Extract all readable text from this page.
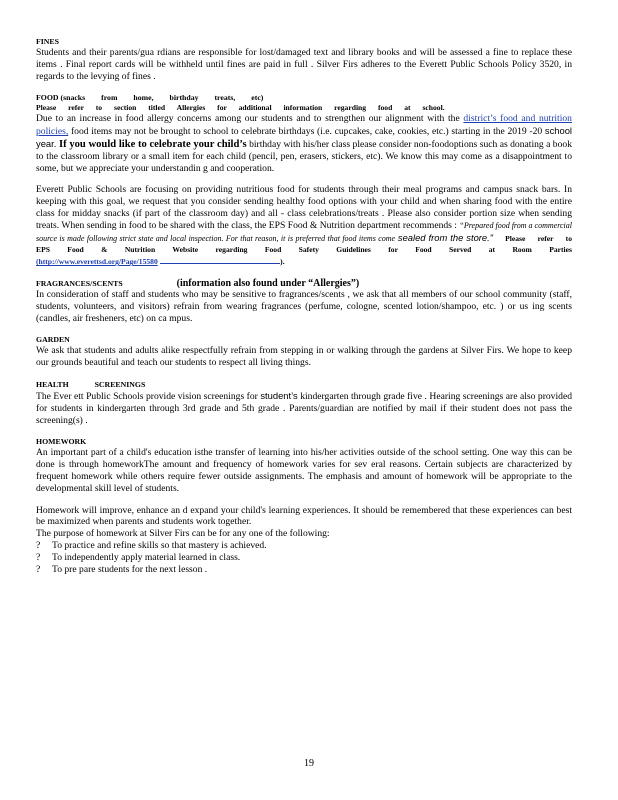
FINES

Students and their parents/gua rdians are responsible for lost/damaged text and library books and will be assessed a fine to replace these items . Final report cards will be withheld until fines are paid in full . Silver Firs adheres to the Everett Public Schools Policy 3520, in regards to the levying of fines .

FOOD (snacks from home, birthday treats, etc)
Please refer to section titled Allergies for additional information regarding food at school.

Due to an increase in food allergy concerns among our students and to strengthen our alignment with the district’s food and nutrition policies, food items may not be brought to school to celebrate birthdays (i.e. cupcakes, cake, cookies, etc.) starting in the 2019 -20 school year. If you would like to celebrate your child’s birthday with his/her class please consider non-foodoptions such as donating a book to the classroom library or a small item for each child (pencil, pen, erasers, stickers, etc). We know this may come as a disappointment to some, but we appreciate your understandin g and cooperation.

Everett Public Schools are focusing on providing nutritious food for students through their meal programs and campus snack bars. In keeping with this goal, we request that you consider sending healthy food options with your child and when sharing food with the entire class for midday snacks (if part of the classroom day) and all - class celebrations/treats . Please also consider portion size when sending treats. When sending in food to be shared with the class, the EPS Food & Nutrition department recommends : “Prepared food from a commercial source is made following strict state and local inspection. For that reason, it is preferred that food items come sealed from the store.” Please refer to EPS Food & Nutrition Website regarding Food Safety Guidelines for Food Served at Room Parties (http://www.everettsd.org/Page/15580	).

FRAGRANCES/SCENTS	(information also found under “Allergies”)

In consideration of staff and students who may be sensitive to fragrances/scents , we ask that all members of our school community (staff, students, volunteers, and visitors) refrain from wearing fragrances (perfume, cologne, scented lotion/shampoo, etc. ) or us ing scents (candles, air fresheners, etc) on ca mpus.

GARDEN

We ask that students and adults alike respectfully refrain from stepping in or walking through the gardens at Silver Firs. We hope to keep our grounds beautiful and teach our students to respect all living things.

HEALTH SCREENINGS

The Ever ett Public Schools provide vision screenings for student’s kindergarten through grade five . Hearing screenings are also provided for students in kindergarten through 3rd grade and 5th grade . Parents/guardian are notified by mail if their student does not pass the screening(s) .

HOMEWORK

An important part of a child's education isthe transfer of learning into his/her activities outside of the school setting. One way this can be done is through homeworkThe amount and frequency of homework varies for sev eral reasons. Certain subjects are characterized by frequent homework while others require fewer outside assignments. The emphasis and amount of homework will be appropriate to the developmental skill level of students.

Homework will improve, enhance an d expand your child's learning experiences. It should be remembered that these experiences can best be maximized when parents and students work together.

The purpose of homework at Silver Firs can be for any one of the following:

?	To practice and refine skills so that mastery is achieved.
?	To independently apply material learned in class.
?	To pre pare students for the next lesson .
19
